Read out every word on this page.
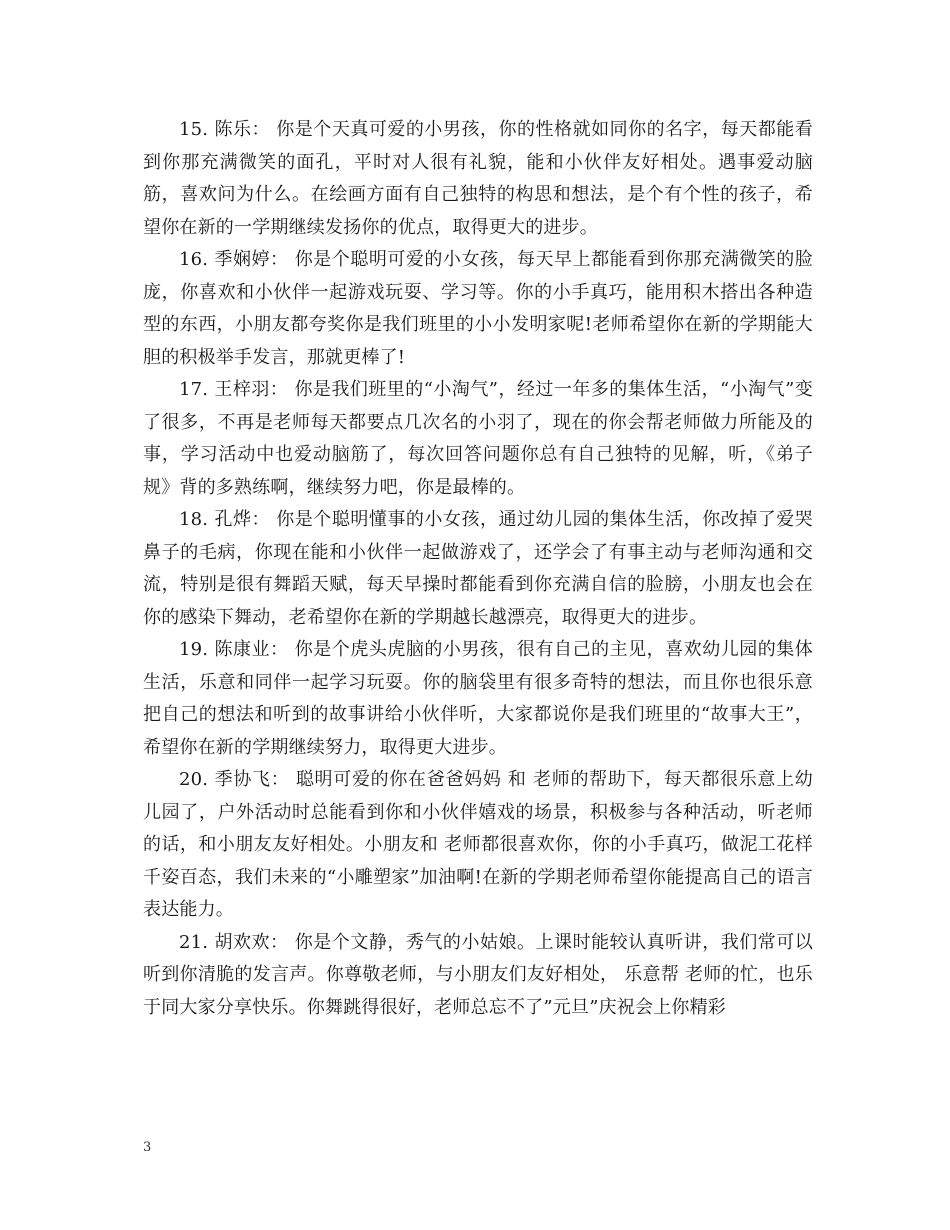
15. 陈乐： 你是个天真可爱的小男孩，你的性格就如同你的名字，每天都能看到你那充满微笑的面孔，平时对人很有礼貌，能和小伙伴友好相处。遇事爱动脑筋，喜欢问为什么。在绘画方面有自己独特的构思和想法，是个有个性的孩子，希望你在新的一学期继续发扬你的优点，取得更大的进步。

16. 季娴婷： 你是个聪明可爱的小女孩，每天早上都能看到你那充满微笑的脸庞，你喜欢和小伙伴一起游戏玩耍、学习等。你的小手真巧，能用积木搭出各种造型的东西，小朋友都夸奖你是我们班里的小小发明家呢!老师希望你在新的学期能大胆的积极举手发言，那就更棒了!

17. 王梓羽： 你是我们班里的“小淘气”，经过一年多的集体生活，“小淘气”变了很多，不再是老师每天都要点几次名的小羽了，现在的你会帮老师做力所能及的事，学习活动中也爱动脑筋了，每次回答问题你总有自己独特的见解，听，《弟子规》背的多熟练啊，继续努力吧，你是最棒的。

18. 孔烨： 你是个聪明懂事的小女孩，通过幼儿园的集体生活，你改掉了爱哭鼻子的毛病，你现在能和小伙伴一起做游戏了，还学会了有事主动与老师沟通和交流，特别是很有舞蹈天赋，每天早操时都能看到你充满自信的脸膀，小朋友也会在你的感染下舞动，老希望你在新的学期越长越漂亮，取得更大的进步。

19. 陈康业： 你是个虎头虎脑的小男孩，很有自己的主见，喜欢幼儿园的集体生活，乐意和同伴一起学习玩耍。你的脑袋里有很多奇特的想法，而且你也很乐意把自己的想法和听到的故事讲给小伙伴听，大家都说你是我们班里的“故事大王”，希望你在新的学期继续努力，取得更大进步。

20. 季协飞： 聪明可爱的你在爸爸妈妈 和 老师的帮助下，每天都很乐意上幼儿园了，户外活动时总能看到你和小伙伴嬉戏的场景，积极参与各种活动，听老师的话，和小朋友友好相处。小朋友和 老师都很喜欢你，你的小手真巧，做泥工花样千姿百态，我们未来的“小雕塑家”加油啊!在新的学期老师希望你能提高自己的语言表达能力。

21. 胡欢欢： 你是个文静，秀气的小姑娘。上课时能较认真听讲，我们常可以听到你清脆的发言声。你尊敬老师，与小朋友们友好相处， 乐意帮 老师的忙，也乐于同大家分享快乐。你舞跳得很好，老师总忘不了”元旦”庆祝会上你精彩

3
